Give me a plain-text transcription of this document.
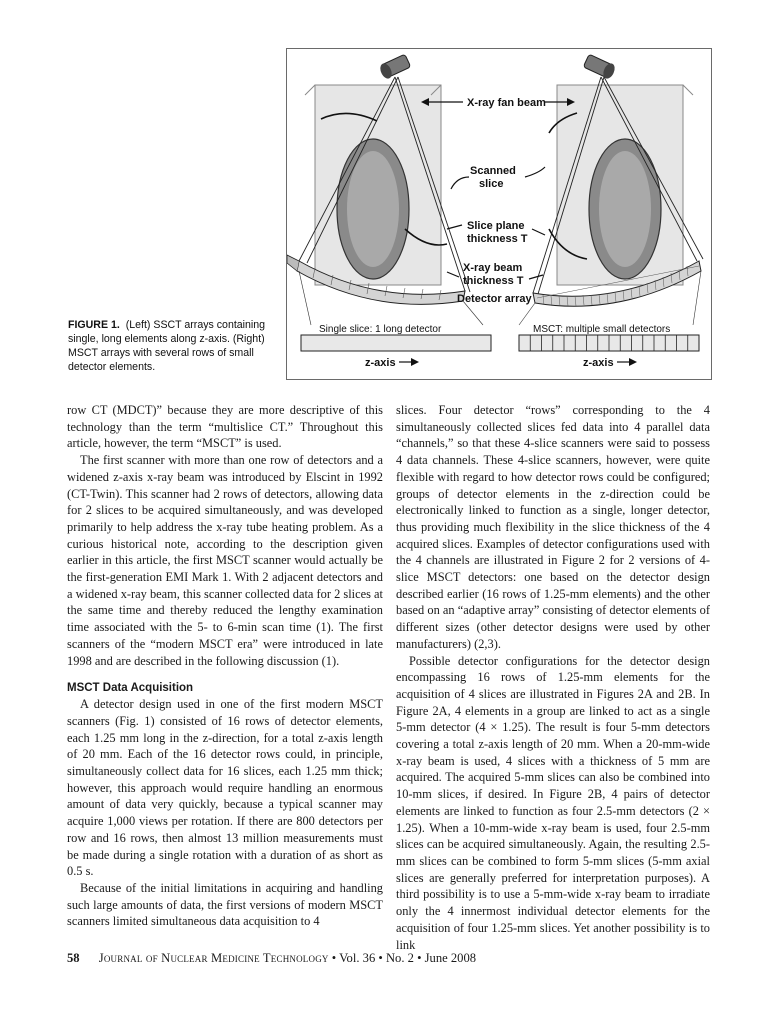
X-ray fan beam
Scanned
slice
Slice plane
thickness T
X-ray beam
thickness T
Detector array
Single slice: 1 long detector
z-axis
MSCT: multiple small detectors
z-axis
FIGURE 1. (Left) SSCT arrays containing single, long elements along z-axis. (Right) MSCT arrays with several rows of small detector elements.

row CT (MDCT)” because they are more descriptive of this technology than the term “multislice CT.” Throughout this article, however, the term “MSCT” is used.

The first scanner with more than one row of detectors and a widened z-axis x-ray beam was introduced by Elscint in 1992 (CT-Twin). This scanner had 2 rows of detectors, allowing data for 2 slices to be acquired simultaneously, and was developed primarily to help address the x-ray tube heating problem. As a curious historical note, according to the description given earlier in this article, the first MSCT scanner would actually be the first-generation EMI Mark 1. With 2 adjacent detectors and a widened x-ray beam, this scanner collected data for 2 slices at the same time and thereby reduced the lengthy examination time associated with the 5- to 6-min scan time (1). The first scanners of the “modern MSCT era” were introduced in late 1998 and are described in the following discussion (1).

MSCT Data Acquisition

A detector design used in one of the first modern MSCT scanners (Fig. 1) consisted of 16 rows of detector elements, each 1.25 mm long in the z-direction, for a total z-axis length of 20 mm. Each of the 16 detector rows could, in principle, simultaneously collect data for 16 slices, each 1.25 mm thick; however, this approach would require handling an enormous amount of data very quickly, because a typical scanner may acquire 1,000 views per rotation. If there are 800 detectors per row and 16 rows, then almost 13 million measurements must be made during a single rotation with a duration of as short as 0.5 s.

Because of the initial limitations in acquiring and handling such large amounts of data, the first versions of modern MSCT scanners limited simultaneous data acquisition to 4

slices. Four detector “rows” corresponding to the 4 simultaneously collected slices fed data into 4 parallel data “channels,” so that these 4-slice scanners were said to possess 4 data channels. These 4-slice scanners, however, were quite flexible with regard to how detector rows could be configured; groups of detector elements in the z-direction could be electronically linked to function as a single, longer detector, thus providing much flexibility in the slice thickness of the 4 acquired slices. Examples of detector configurations used with the 4 channels are illustrated in Figure 2 for 2 versions of 4-slice MSCT detectors: one based on the detector design described earlier (16 rows of 1.25-mm elements) and the other based on an “adaptive array” consisting of detector elements of different sizes (other detector designs were used by other manufacturers) (2,3).

Possible detector configurations for the detector design encompassing 16 rows of 1.25-mm elements for the acquisition of 4 slices are illustrated in Figures 2A and 2B. In Figure 2A, 4 elements in a group are linked to act as a single 5-mm detector (4 × 1.25). The result is four 5-mm detectors covering a total z-axis length of 20 mm. When a 20-mm-wide x-ray beam is used, 4 slices with a thickness of 5 mm are acquired. The acquired 5-mm slices can also be combined into 10-mm slices, if desired. In Figure 2B, 4 pairs of detector elements are linked to function as four 2.5-mm detectors (2 × 1.25). When a 10-mm-wide x-ray beam is used, four 2.5-mm slices can be acquired simultaneously. Again, the resulting 2.5-mm slices can be combined to form 5-mm slices (5-mm axial slices are generally preferred for interpretation purposes). A third possibility is to use a 5-mm-wide x-ray beam to irradiate only the 4 innermost individual detector elements for the acquisition of four 1.25-mm slices. Yet another possibility is to link

58 Journal of Nuclear Medicine Technology • Vol. 36 • No. 2 • June 2008
